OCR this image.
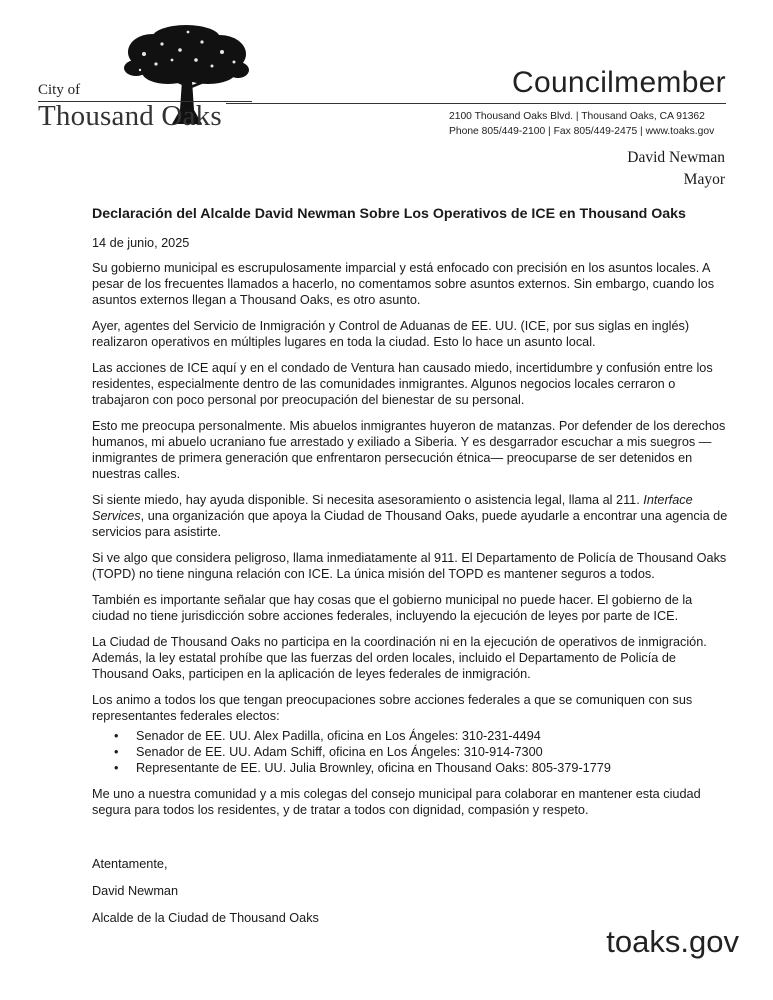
City of
Thousand Oaks
Councilmember
2100 Thousand Oaks Blvd. | Thousand Oaks, CA 91362
Phone 805/449-2100 | Fax 805/449-2475 | www.toaks.gov
David Newman
Mayor
Declaración del Alcalde David Newman Sobre Los Operativos de ICE en Thousand Oaks
14 de junio, 2025

Su gobierno municipal es escrupulosamente imparcial y está enfocado con precisión en los asuntos locales. A pesar de los frecuentes llamados a hacerlo, no comentamos sobre asuntos externos. Sin embargo, cuando los asuntos externos llegan a Thousand Oaks, es otro asunto.

Ayer, agentes del Servicio de Inmigración y Control de Aduanas de EE. UU. (ICE, por sus siglas en inglés) realizaron operativos en múltiples lugares en toda la ciudad. Esto lo hace un asunto local.

Las acciones de ICE aquí y en el condado de Ventura han causado miedo, incertidumbre y confusión entre los residentes, especialmente dentro de las comunidades inmigrantes. Algunos negocios locales cerraron o trabajaron con poco personal por preocupación del bienestar de su personal.

Esto me preocupa personalmente. Mis abuelos inmigrantes huyeron de matanzas. Por defender de los derechos humanos, mi abuelo ucraniano fue arrestado y exiliado a Siberia. Y es desgarrador escuchar a mis suegros — inmigrantes de primera generación que enfrentaron persecución étnica— preocuparse de ser detenidos en nuestras calles.

Si siente miedo, hay ayuda disponible. Si necesita asesoramiento o asistencia legal, llama al 211. Interface Services, una organización que apoya la Ciudad de Thousand Oaks, puede ayudarle a encontrar una agencia de servicios para asistirte.

Si ve algo que considera peligroso, llama inmediatamente al 911. El Departamento de Policía de Thousand Oaks (TOPD) no tiene ninguna relación con ICE. La única misión del TOPD es mantener seguros a todos.

También es importante señalar que hay cosas que el gobierno municipal no puede hacer. El gobierno de la ciudad no tiene jurisdicción sobre acciones federales, incluyendo la ejecución de leyes por parte de ICE.

La Ciudad de Thousand Oaks no participa en la coordinación ni en la ejecución de operativos de inmigración. Además, la ley estatal prohíbe que las fuerzas del orden locales, incluido el Departamento de Policía de Thousand Oaks, participen en la aplicación de leyes federales de inmigración.

Los animo a todos los que tengan preocupaciones sobre acciones federales a que se comuniquen con sus representantes federales electos:

• Senador de EE. UU. Alex Padilla, oficina en Los Ángeles: 310-231-4494
• Senador de EE. UU. Adam Schiff, oficina en Los Ángeles: 310-914-7300
• Representante de EE. UU. Julia Brownley, oficina en Thousand Oaks: 805-379-1779

Me uno a nuestra comunidad y a mis colegas del consejo municipal para colaborar en mantener esta ciudad segura para todos los residentes, y de tratar a todos con dignidad, compasión y respeto.

Atentamente,
David Newman
Alcalde de la Ciudad de Thousand Oaks
toaks.gov
